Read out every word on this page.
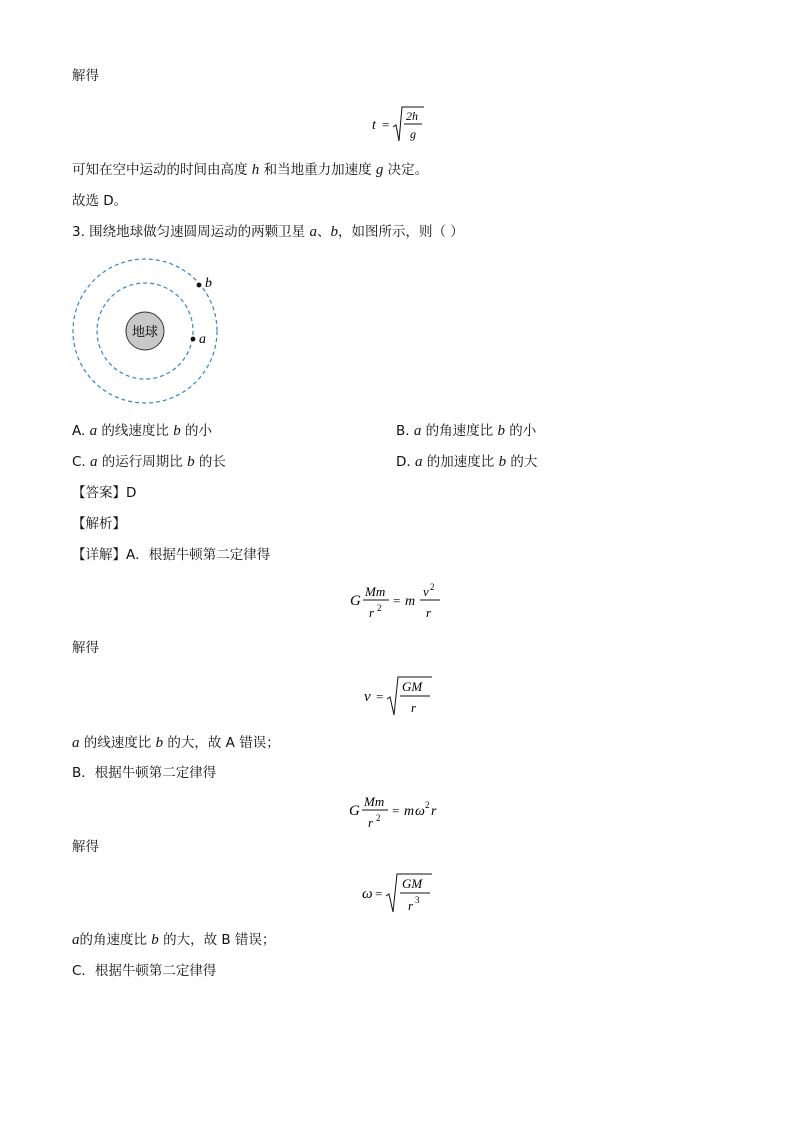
解得
t =
2h
g
可知在空中运动的时间由高度 h 和当地重力加速度 g 决定。
故选 D。
3. 围绕地球做匀速圆周运动的两颗卫星 a、b，如图所示，则（ ）
地球
a
b
A. a 的线速度比 b 的小	B. a 的角速度比 b 的小
C. a 的运行周期比 b 的长	D. a 的加速度比 b 的大
【答案】D
【解析】
【详解】A．根据牛顿第二定律得
G
Mm
r 2 = m
v 2
r
解得
v =
GM
r
a 的线速度比 b 的大，故 A 错误；
B．根据牛顿第二定律得
G
Mm
r 2 = m ω 2 r
解得
ω =
GM
r 3
a的角速度比 b 的大，故 B 错误；
C．根据牛顿第二定律得
